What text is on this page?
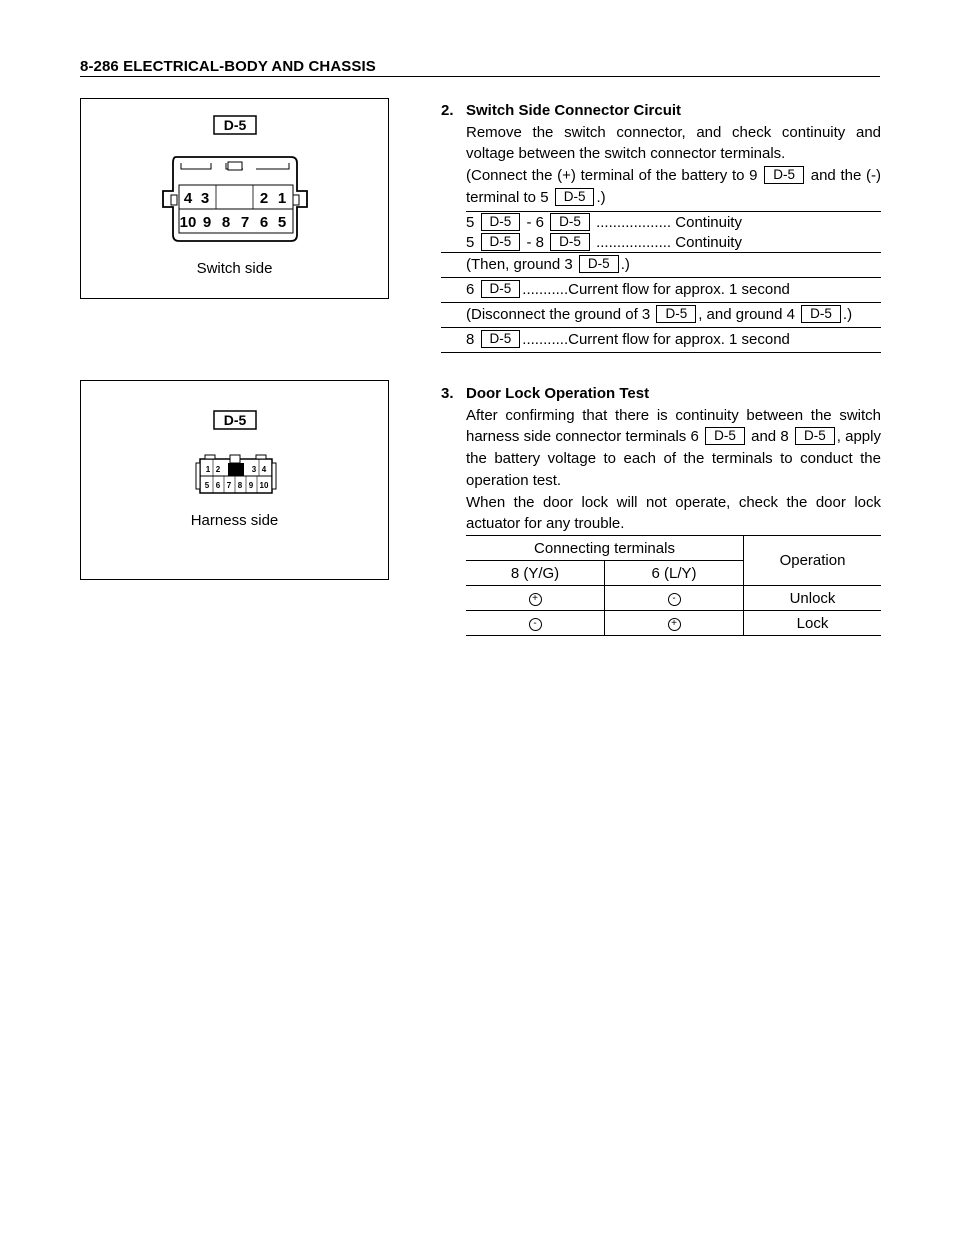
8-286 ELECTRICAL-BODY AND CHASSIS
D-5
4 3	2 1
10 9 8 7 6 5
Switch side
D-5
1 2	3 4
5 6 7 8 9 10
Harness side
2. Switch Side Connector Circuit
Remove the switch connector, and check continuity and voltage between the switch connector terminals.
(Connect the (+) terminal of the battery to 9 D-5 and the (-) terminal to 5 D-5 .)
5 D-5 - 6 D-5 .................. Continuity
5 D-5 - 8 D-5 .................. Continuity
(Then, ground 3 D-5 .)
6 D-5 ...........Current flow for approx. 1 second
(Disconnect the ground of 3 D-5 , and ground 4 D-5 .)
8 D-5 ...........Current flow for approx. 1 second
3. Door Lock Operation Test
After confirming that there is continuity between the switch harness side connector terminals 6 D-5 and 8 D-5 , apply the battery voltage to each of the terminals to conduct the operation test.
When the door lock will not operate, check the door lock actuator for any trouble.
Connecting terminals		Operation
8 (Y/G)	6 (L/Y)	
+	-	Unlock
-	+	Lock
